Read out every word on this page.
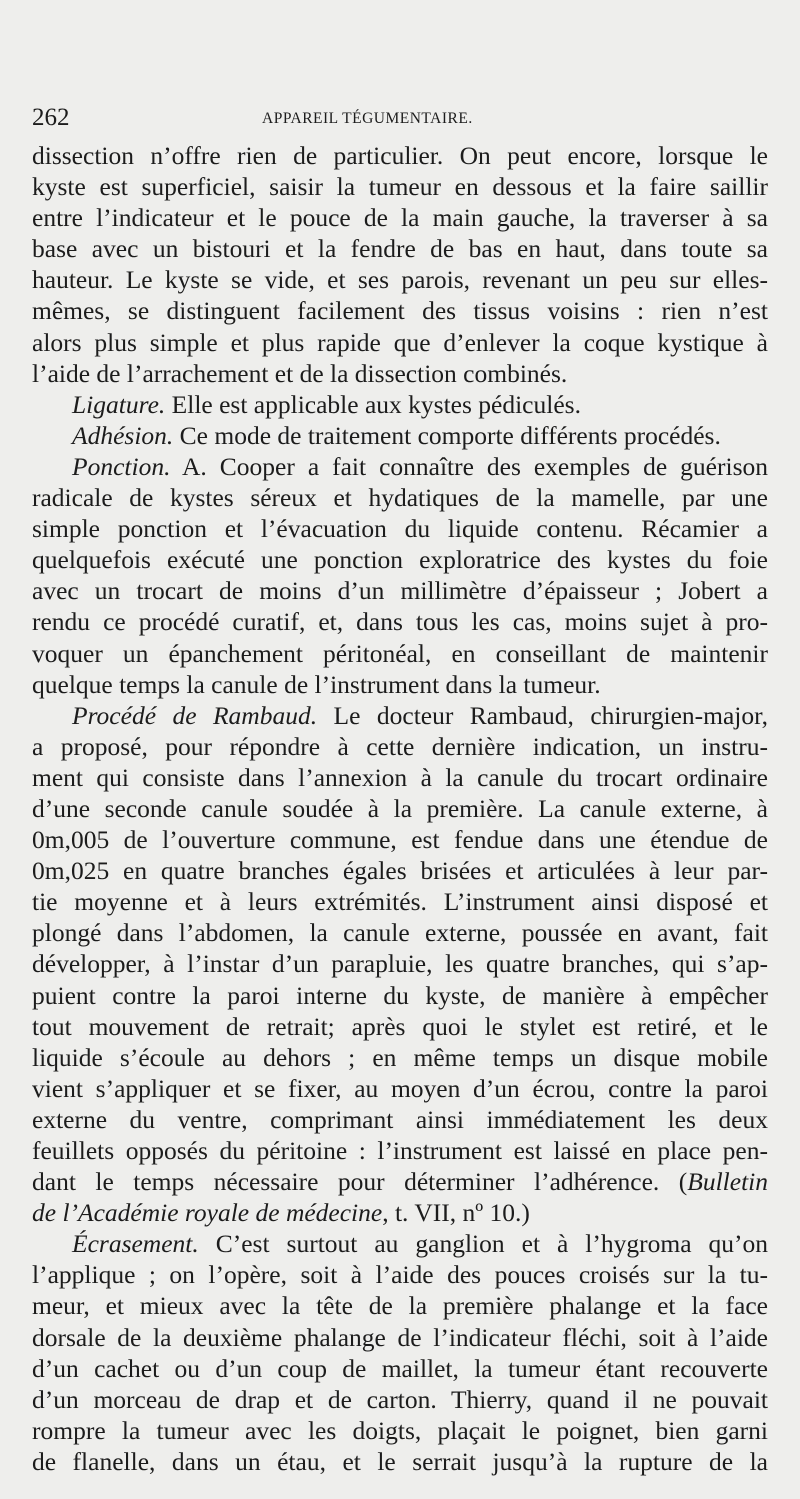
262	APPAREIL TÉGUMENTAIRE.
dissection n’offre rien de particulier. On peut encore, lorsque le
kyste est superficiel, saisir la tumeur en dessous et la faire saillir
entre l’indicateur et le pouce de la main gauche, la traverser à sa
base avec un bistouri et la fendre de bas en haut, dans toute sa
hauteur. Le kyste se vide, et ses parois, revenant un peu sur elles-
mêmes, se distinguent facilement des tissus voisins : rien n’est
alors plus simple et plus rapide que d’enlever la coque kystique à
l’aide de l’arrachement et de la dissection combinés.
Ligature. Elle est applicable aux kystes pédiculés.
Adhésion. Ce mode de traitement comporte différents procédés.
Ponction. A. Cooper a fait connaître des exemples de guérison
radicale de kystes séreux et hydatiques de la mamelle, par une
simple ponction et l’évacuation du liquide contenu. Récamier a
quelquefois exécuté une ponction exploratrice des kystes du foie
avec un trocart de moins d’un millimètre d’épaisseur ; Jobert a
rendu ce procédé curatif, et, dans tous les cas, moins sujet à pro-
voquer un épanchement péritonéal, en conseillant de maintenir
quelque temps la canule de l’instrument dans la tumeur.
Procédé de Rambaud. Le docteur Rambaud, chirurgien-major,
a proposé, pour répondre à cette dernière indication, un instru-
ment qui consiste dans l’annexion à la canule du trocart ordinaire
d’une seconde canule soudée à la première. La canule externe, à
0m,005 de l’ouverture commune, est fendue dans une étendue de
0m,025 en quatre branches égales brisées et articulées à leur par-
tie moyenne et à leurs extrémités. L’instrument ainsi disposé et
plongé dans l’abdomen, la canule externe, poussée en avant, fait
développer, à l’instar d’un parapluie, les quatre branches, qui s’ap-
puient contre la paroi interne du kyste, de manière à empêcher
tout mouvement de retrait; après quoi le stylet est retiré, et le
liquide s’écoule au dehors ; en même temps un disque mobile
vient s’appliquer et se fixer, au moyen d’un écrou, contre la paroi
externe du ventre, comprimant ainsi immédiatement les deux
feuillets opposés du péritoine : l’instrument est laissé en place pen-
dant le temps nécessaire pour déterminer l’adhérence. (Bulletin
de l’Académie royale de médecine, t. VII, nº 10.)
Écrasement. C’est surtout au ganglion et à l’hygroma qu’on
l’applique ; on l’opère, soit à l’aide des pouces croisés sur la tu-
meur, et mieux avec la tête de la première phalange et la face
dorsale de la deuxième phalange de l’indicateur fléchi, soit à l’aide
d’un cachet ou d’un coup de maillet, la tumeur étant recouverte
d’un morceau de drap et de carton. Thierry, quand il ne pouvait
rompre la tumeur avec les doigts, plaçait le poignet, bien garni
de flanelle, dans un étau, et le serrait jusqu’à la rupture de la
